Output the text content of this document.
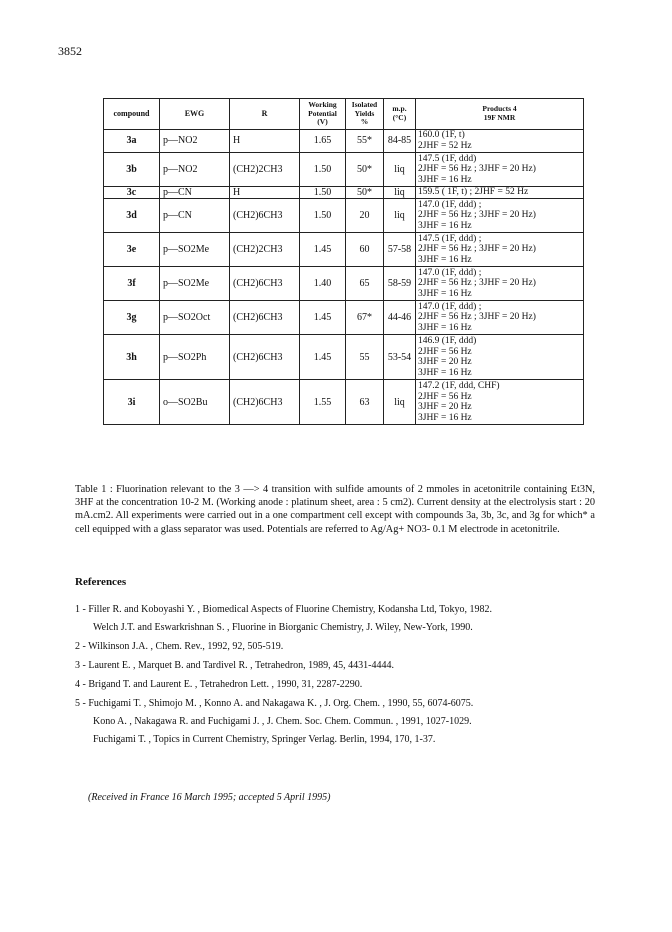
3852
compound	EWG	R	Working
Potential
(V)	Isolated
Yields
%	m.p.
(°C)	Products 4
19F NMR
3a	p—NO2	H	1.65	55*	84-85	160.0 (1F, t)
2JHF = 52 Hz

3b	p—NO2	(CH2)2CH3	1.50	50*	liq	147.5 (1F, ddd)
2JHF = 56 Hz ; 3JHF = 20 Hz)
3JHF = 16 Hz

3c	p—CN	H	1.50	50*	liq	159.5 ( 1F, t) ; 2JHF = 52 Hz

3d	p—CN	(CH2)6CH3	1.50	20	liq	147.0 (1F, ddd) ;
2JHF = 56 Hz ; 3JHF = 20 Hz)
3JHF = 16 Hz

3e	p—SO2Me	(CH2)2CH3	1.45	60	57-58	147.5 (1F, ddd) ;
2JHF = 56 Hz ; 3JHF = 20 Hz)
3JHF = 16 Hz

3f	p—SO2Me	(CH2)6CH3	1.40	65	58-59	147.0 (1F, ddd) ;
2JHF = 56 Hz ; 3JHF = 20 Hz)
3JHF = 16 Hz

3g	p—SO2Oct	(CH2)6CH3	1.45	67*	44-46	147.0 (1F, ddd) ;
2JHF = 56 Hz ; 3JHF = 20 Hz)
3JHF = 16 Hz

3h	p—SO2Ph	(CH2)6CH3	1.45	55	53-54	146.9 (1F, ddd)
2JHF = 56 Hz
3JHF = 20 Hz
3JHF = 16 Hz

3i	o—SO2Bu	(CH2)6CH3	1.55	63	liq	147.2 (1F, ddd, CHF)
2JHF = 56 Hz
3JHF = 20 Hz
3JHF = 16 Hz
Table 1 : Fluorination relevant to the 3 —> 4 transition with sulfide amounts of 2 mmoles in acetonitrile containing Et3N, 3HF at the concentration 10-2 M. (Working anode : platinum sheet, area : 5 cm2). Current density at the electrolysis start : 20 mA.cm2. All experiments were carried out in a one compartment cell except with compounds 3a, 3b, 3c, and 3g for which* a cell equipped with a glass separator was used. Potentials are referred to Ag/Ag+ NO3- 0.1 M electrode in acetonitrile.
References
1 - Filler R. and Koboyashi Y. , Biomedical Aspects of Fluorine Chemistry, Kodansha Ltd, Tokyo, 1982.
Welch J.T. and Eswarkrishnan S. , Fluorine in Biorganic Chemistry, J. Wiley, New-York, 1990.
2 - Wilkinson J.A. , Chem. Rev., 1992, 92, 505-519.
3 - Laurent E. , Marquet B. and Tardivel R. , Tetrahedron, 1989, 45, 4431-4444.
4 - Brigand T. and Laurent E. , Tetrahedron Lett. , 1990, 31, 2287-2290.
5 - Fuchigami T. , Shimojo M. , Konno A. and Nakagawa K. , J. Org. Chem. , 1990, 55, 6074-6075.
Kono A. , Nakagawa R. and Fuchigami J. , J. Chem. Soc. Chem. Commun. , 1991, 1027-1029.
Fuchigami T. , Topics in Current Chemistry, Springer Verlag. Berlin, 1994, 170, 1-37.
(Received in France 16 March 1995; accepted 5 April 1995)
